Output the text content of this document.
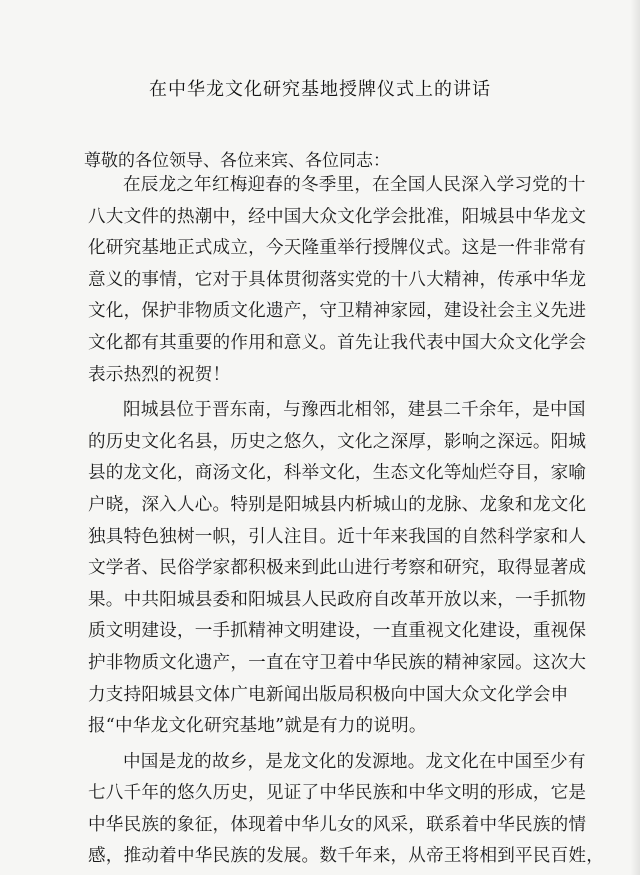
在中华龙文化研究基地授牌仪式上的讲话
尊敬的各位领导、各位来宾、各位同志：
在辰龙之年红梅迎春的冬季里，在全国人民深入学习党的十
八大文件的热潮中，经中国大众文化学会批准，阳城县中华龙文
化研究基地正式成立，今天隆重举行授牌仪式。这是一件非常有
意义的事情，它对于具体贯彻落实党的十八大精神，传承中华龙
文化，保护非物质文化遗产，守卫精神家园，建设社会主义先进
文化都有其重要的作用和意义。首先让我代表中国大众文化学会
表示热烈的祝贺！
阳城县位于晋东南，与豫西北相邻，建县二千余年，是中国
的历史文化名县，历史之悠久，文化之深厚，影响之深远。阳城
县的龙文化，商汤文化，科举文化，生态文化等灿烂夺目，家喻
户晓，深入人心。特别是阳城县内析城山的龙脉、龙象和龙文化
独具特色独树一帜，引人注目。近十年来我国的自然科学家和人
文学者、民俗学家都积极来到此山进行考察和研究，取得显著成
果。中共阳城县委和阳城县人民政府自改革开放以来，一手抓物
质文明建设，一手抓精神文明建设，一直重视文化建设，重视保
护非物质文化遗产，一直在守卫着中华民族的精神家园。这次大
力支持阳城县文体广电新闻出版局积极向中国大众文化学会申
报“中华龙文化研究基地”就是有力的说明。
中国是龙的故乡，是龙文化的发源地。龙文化在中国至少有
七八千年的悠久历史，见证了中华民族和中华文明的形成，它是
中华民族的象征，体现着中华儿女的风采，联系着中华民族的情
感，推动着中华民族的发展。数千年来，从帝王将相到平民百姓，
